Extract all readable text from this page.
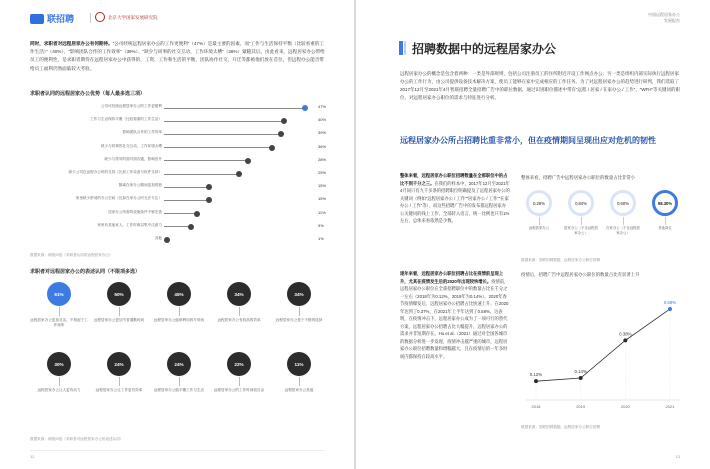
联招聘	北京大学国家发展研究院
同时，求职者对远程居家办公有何期待。“公司经统远程居家办公的工作更便利”（47%）是最主要的因素，而“工作与生活保持平衡（比较看重的工作生活）”（40%）、“影响团队合作的工作效率”（39%）、“缺少与同事的社交互动、工作环境太嘈”（36%）紧随其后。由此看来，远程居家办公带给员工的便利性，是求职者期待在远程居家办公中获得的，工资、工作和生活的平衡，团队协作社交、升迁等都被他们放在首位，但远程办公能否带给员工福利仍然面临较大考验。
求职者认同的远程居家办公优势（每人最多选三项）
公司可经统远程居家办公的工作更便利	47%
工作与生活保持平衡（比较看重的工作生活）	40%
影响团队合作的工作效率	39%
缺少与同事的社交互动、工作环境太嘈	36%
缺少与领导的面对面沟通，影响晋升	28%
缺少公司在远程办公时的支持（比如工作设备与软件支持）	25%
隔离在家办公期间更加孤独	15%
家里缺少舒适的办公空间（比如在家办公时无法专注）	15%
居家办公所需的设施条件不够完善	11%
家里有其他家人，工作时难以集中注意力	9%
其他	1%
数据来源：调查问卷（求职者认同的远程居家办公）
求职者对远程居家办公的表述认同（不限项多选）
61%
远程居家办公更加灵活，不拘泥于工作场所
50%
远程居家办公更加节省通勤时间
45%
远程居家办公能够利用碎片时间
34%
远程居家办公有较高的效率
34%
远程居家办公是个不错的选择
30%
远程居家办公让人更有动力
24%
远程居家办公让工作更有效率
24%
远程居家办公能平衡工作与生活
22%
远程居家办公的工作时间较自由
11%
远程居家办公其他
数据来源：调查问卷（求职者对远程居家办公的表述认同）
12
中国远程居家办公
发展报告
招聘数据中的远程居家办公
远程居家办公的概念是包含着两种：一类是外部规则，包括公司注册员工的住所附近开设工作网点办公；另一类是组织内部实际执行远程居家办公的工作行为，由公司提供设备技术解决方案，使员工能够在家中完成相应的工作任务。为了对远程居家办公的趋势进行研判，我们选取了2017年12月至2021年4月智联招聘全量招聘广告中的职位数据，通过识别职位描述中带有“远程 / 居家 / 在家办公 / 工作”、“WFH”等关键词的职位，对远程居家办公职位的需求与特征进行分析。
远程居家办公所占招聘比重非常小，但在疫情期间呈现出应对危机的韧性
整体来看，远程居家办公职位招聘数量在全部职位中的占比不到千分之三。在我们的样本中，2017年12月至2021年4月间只有九千多条的招聘职位明确提及了远程居家办公的关键词（例如“远程居家办公 / 工作”“居家办公 / 工作”“在家办公 / 工作”等），而这些招聘广告中的发布都远程居家办公关键词的线上工作，全部转入语言，统一比例也只有1%左右，总体来看依然是少数。
逐年来看，远程居家办公职位招聘占比在疫情前呈现上升，尤其在疫情发生后的2020年出现较快增长。疫情前，远程居家办公职位在全部招聘职位中的数量占比在千分之一左右（2018年为0.12%，2019年为0.14%）。2020年春节疫情爆发后，远程居家办公招聘占比快速上升，在2020年达到了0.37%，在2021年上半年达到了0.58%。这表明，在疫情冲击下，远程居家办公成为了一项可行的替代方案，远程居家办公招聘占比大幅提升，远程居家办公的需求并非短期存在。Hu et al.（2021）通过对全国各城市的数据分析进一步发现，疫情冲击越严重的城市，远程居家办公职位招聘数量和增幅越大，且在疫情后的一年多时间内都保持在较高水平。
整体来看，招聘广告中远程居家办公职位的数量占比非常小
0.26%
远程居家办公
0.84%
居家办公（不含远程居家办公）
0.60%
在家办公（不含远程居家办公）
98.30%
其他岗位
数据来源：智联招聘数据，远程居家办公职位招聘
疫情后，招聘广告中远程居家办公职位的数量占比有显著上升
0.12%
2018
0.14%
2019
0.38%
2020
0.58%
2021
数据来源：智联招聘数据，远程居家办公职位招聘
13
